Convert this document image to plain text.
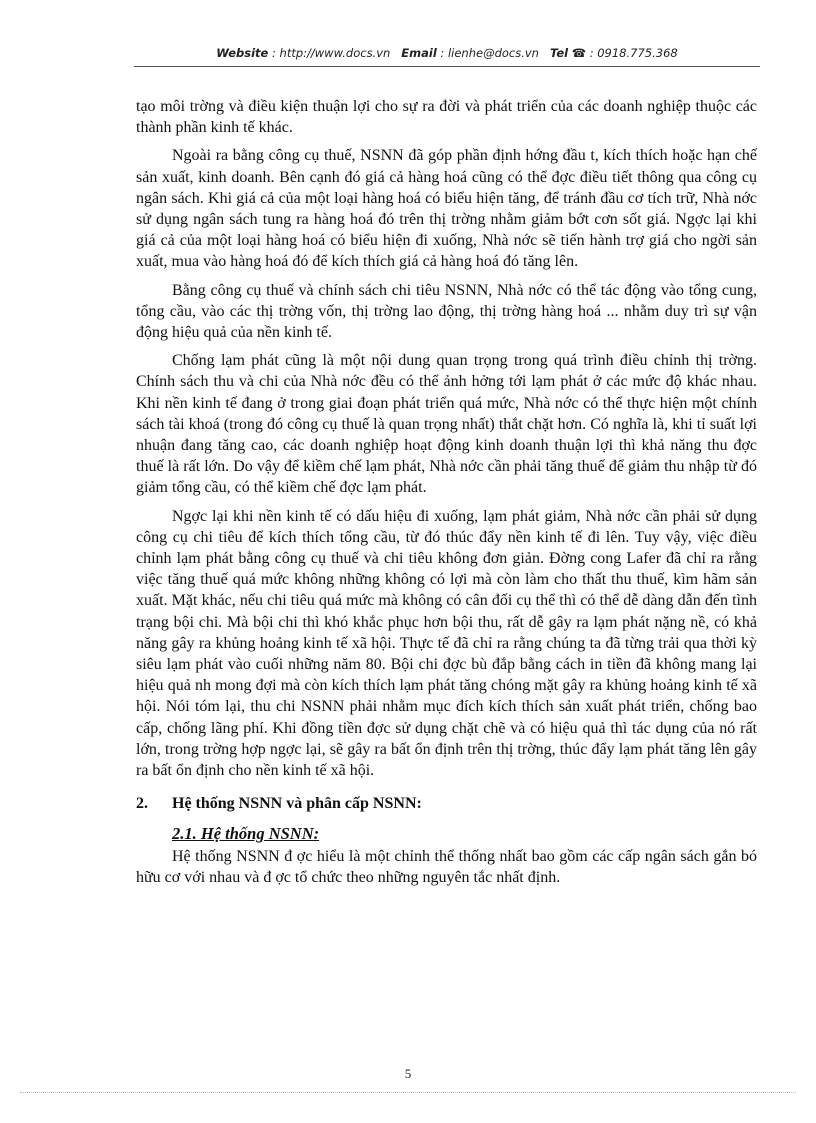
Website : http://www.docs.vn Email : lienhe@docs.vn Tel ☎ : 0918.775.368

tạo môi trờng và điều kiện thuận lợi cho sự ra đời và phát triển của các doanh nghiệp thuộc các thành phần kinh tế khác.

Ngoài ra bằng công cụ thuế, NSNN đã góp phần định hớng đầu t, kích thích hoặc hạn chế sản xuất, kinh doanh. Bên cạnh đó giá cả hàng hoá cũng có thể đợc điều tiết thông qua công cụ ngân sách. Khi giá cả của một loại hàng hoá có biểu hiện tăng, để tránh đầu cơ tích trữ, Nhà nớc sử dụng ngân sách tung ra hàng hoá đó trên thị trờng nhằm giảm bớt cơn sốt giá. Ngợc lại khi giá cả của một loại hàng hoá có biểu hiện đi xuống, Nhà nớc sẽ tiến hành trợ giá cho ngời sản xuất, mua vào hàng hoá đó để kích thích giá cả hàng hoá đó tăng lên.

Bằng công cụ thuế và chính sách chi tiêu NSNN, Nhà nớc có thể tác động vào tổng cung, tổng cầu, vào các thị trờng vốn, thị trờng lao động, thị trờng hàng hoá ... nhằm duy trì sự vận động hiệu quả của nền kinh tế.

Chống lạm phát cũng là một nội dung quan trọng trong quá trình điều chỉnh thị trờng. Chính sách thu và chi của Nhà nớc đều có thể ảnh hởng tới lạm phát ở các mức độ khác nhau. Khi nền kinh tế đang ở trong giai đoạn phát triển quá mức, Nhà nớc có thể thực hiện một chính sách tài khoá (trong đó công cụ thuế là quan trọng nhất) thắt chặt hơn. Có nghĩa là, khi tỉ suất lợi nhuận đang tăng cao, các doanh nghiệp hoạt động kinh doanh thuận lợi thì khả năng thu đợc thuế là rất lớn. Do vậy để kiềm chế lạm phát, Nhà nớc cần phải tăng thuế để giảm thu nhập từ đó giảm tổng cầu, có thể kiềm chế đợc lạm phát.

Ngợc lại khi nền kinh tế có dấu hiệu đi xuống, lạm phát giảm, Nhà nớc cần phải sử dụng công cụ chi tiêu để kích thích tổng cầu, từ đó thúc đẩy nền kinh tế đi lên. Tuy vậy, việc điều chỉnh lạm phát bằng công cụ thuế và chi tiêu không đơn giản. Đờng cong Lafer đã chỉ ra rằng việc tăng thuế quá mức không những không có lợi mà còn làm cho thất thu thuế, kìm hãm sản xuất. Mặt khác, nếu chi tiêu quá mức mà không có cân đối cụ thể thì có thể dễ dàng dẫn đến tình trạng bội chi. Mà bội chi thì khó khắc phục hơn bội thu, rất dễ gây ra lạm phát nặng nề, có khả năng gây ra khủng hoảng kinh tế xã hội. Thực tế đã chỉ ra rằng chúng ta đã từng trải qua thời kỳ siêu lạm phát vào cuối những năm 80. Bội chi đợc bù đắp bằng cách in tiền đã không mang lại hiệu quả nh mong đợi mà còn kích thích lạm phát tăng chóng mặt gây ra khủng hoảng kinh tế xã hội. Nói tóm lại, thu chi NSNN phải nhằm mục đích kích thích sản xuất phát triển, chống bao cấp, chống lãng phí. Khi đồng tiền đợc sử dụng chặt chẽ và có hiệu quả thì tác dụng của nó rất lớn, trong trờng hợp ngợc lại, sẽ gây ra bất ổn định trên thị trờng, thúc đẩy lạm phát tăng lên gây ra bất ổn định cho nền kinh tế xã hội.

2.	Hệ thống NSNN và phân cấp NSNN:
2.1. Hệ thống NSNN:

Hệ thống NSNN đ ợc hiểu là một chỉnh thể thống nhất bao gồm các cấp ngân sách gắn bó hữu cơ với nhau và đ ợc tổ chức theo những nguyên tắc nhất định.

5
